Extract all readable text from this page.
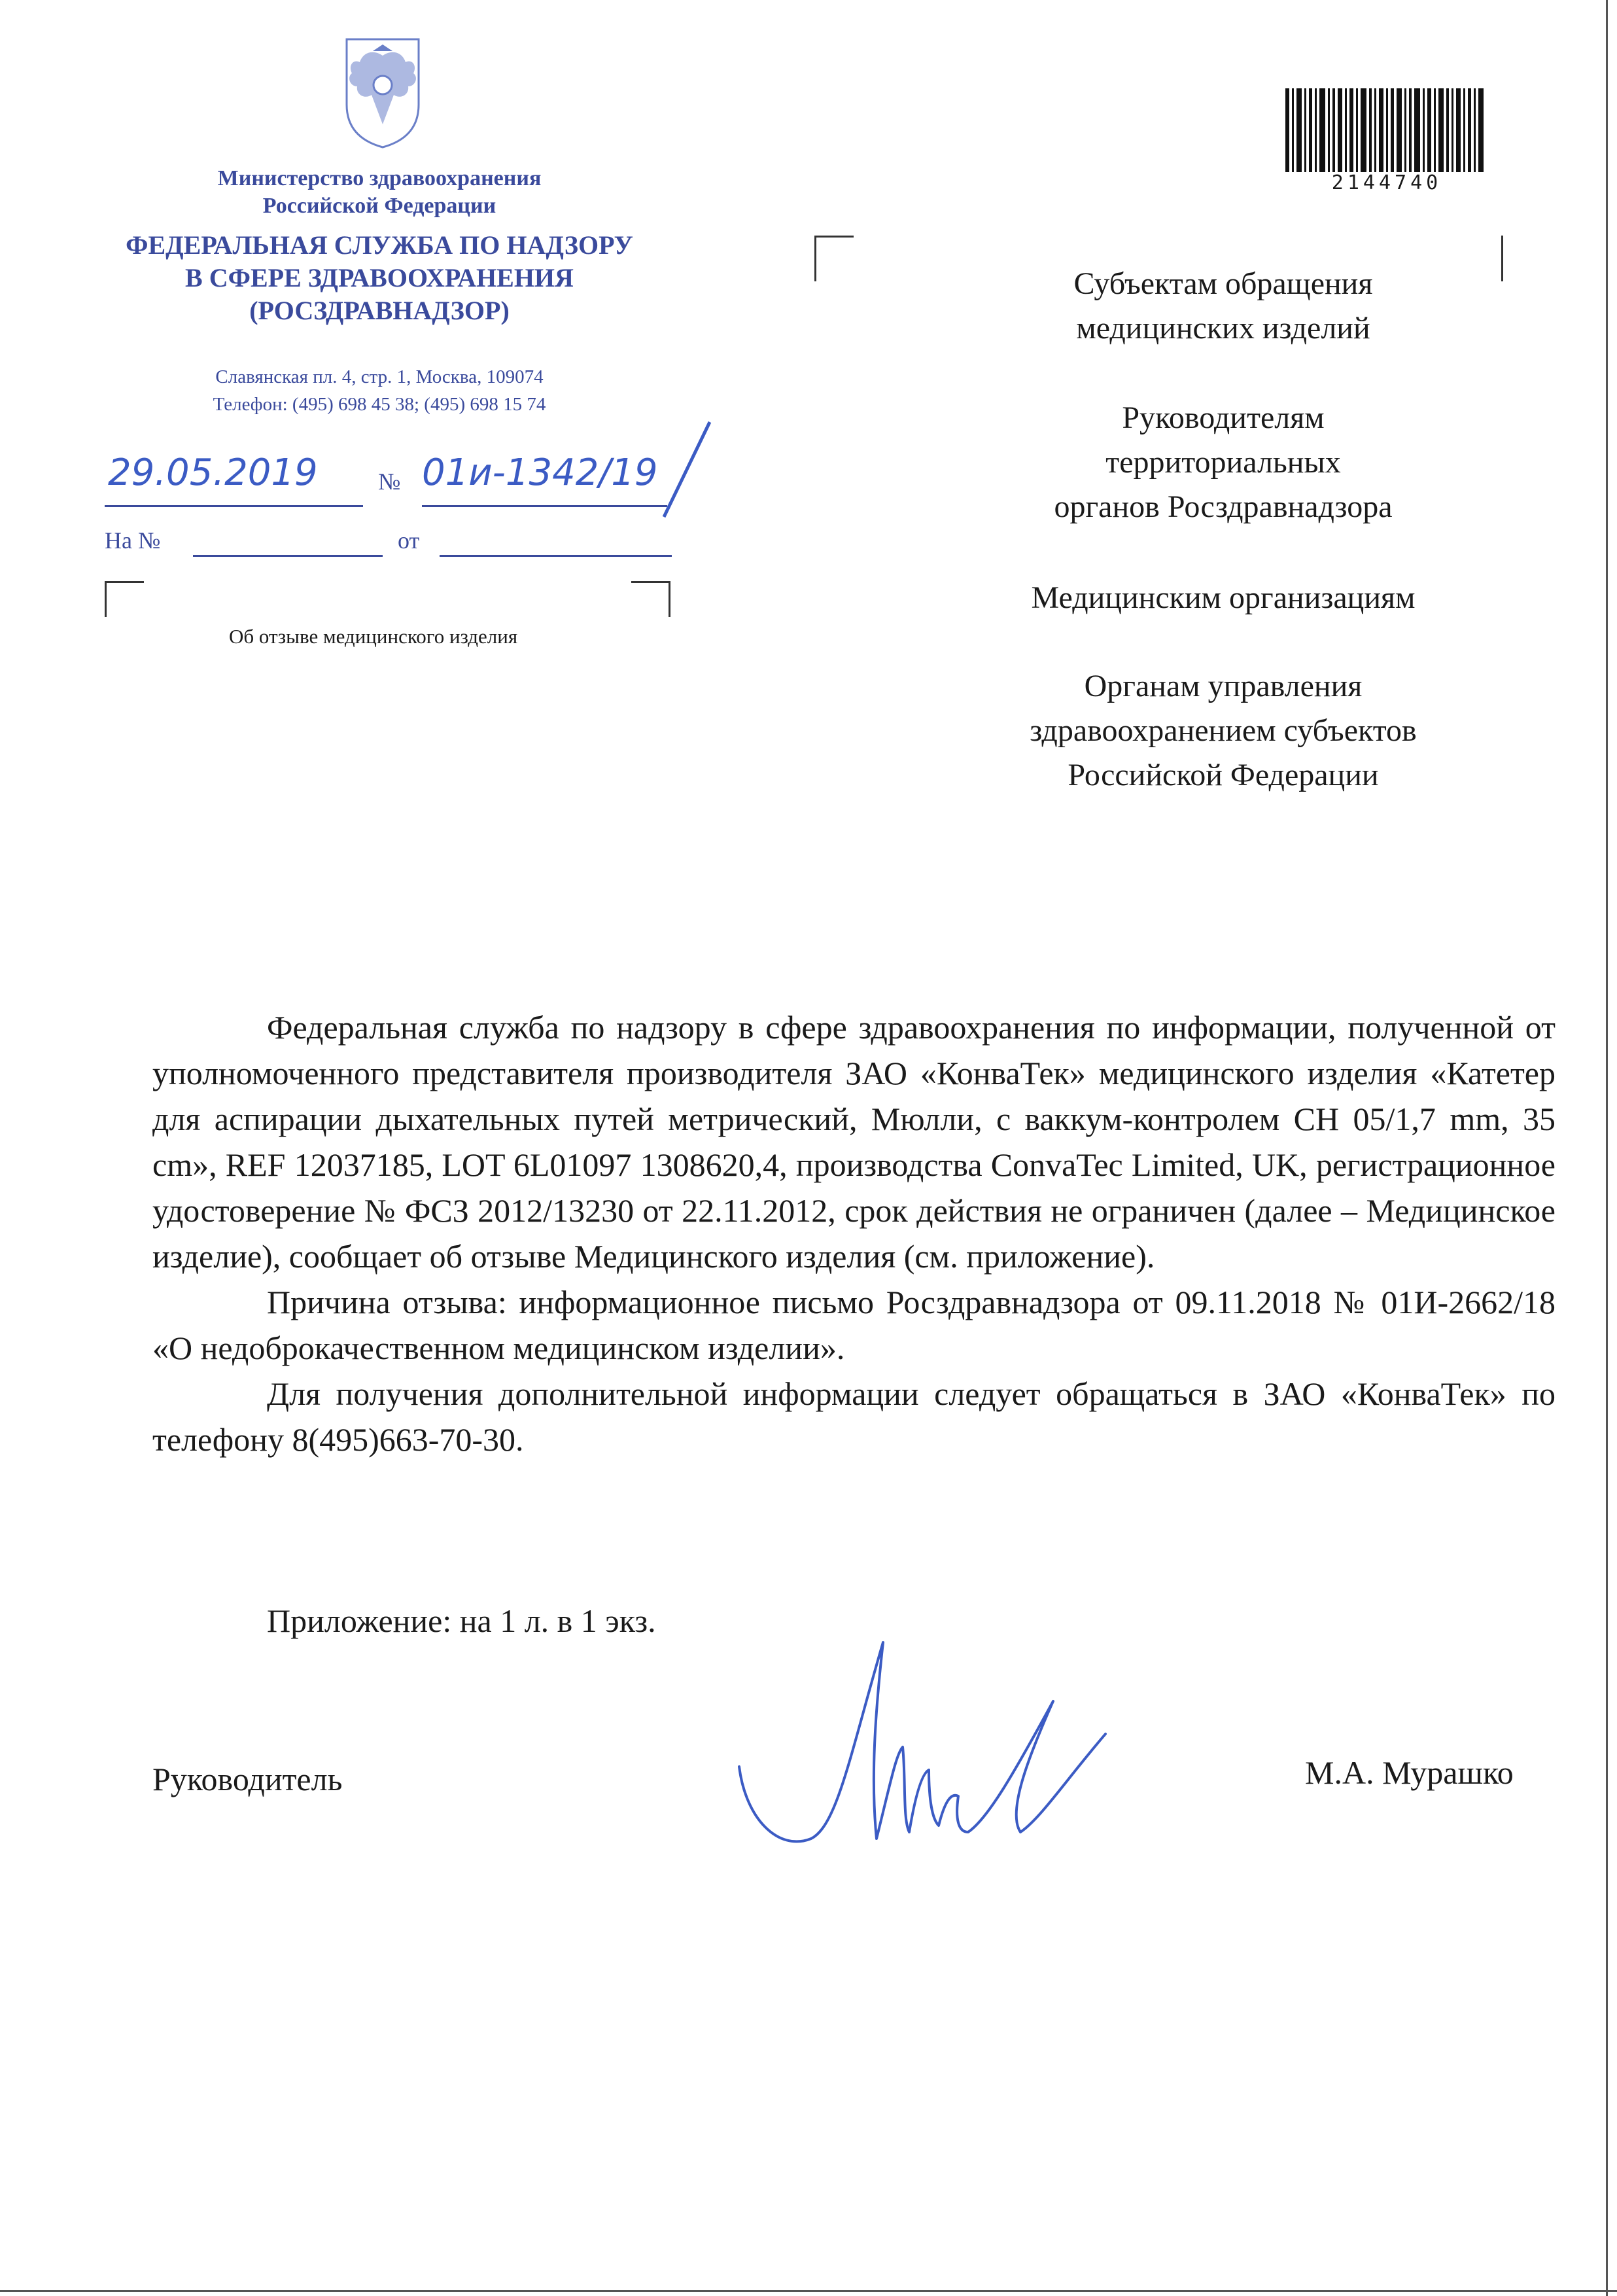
Министерство здравоохранения
Российской Федерации
ФЕДЕРАЛЬНАЯ СЛУЖБА ПО НАДЗОРУ
В СФЕРЕ ЗДРАВООХРАНЕНИЯ
(РОСЗДРАВНАДЗОР)
Славянская пл. 4, стр. 1, Москва, 109074
Телефон: (495) 698 45 38; (495) 698 15 74
29.05.2019	№ 01и-1342/19
На №	от
Об отзыве медицинского изделия
2144740
Субъектам обращения
медицинских изделий
Руководителям
территориальных
органов Росздравнадзора
Медицинским организациям
Органам управления
здравоохранением субъектов
Российской Федерации

Федеральная служба по надзору в сфере здравоохранения по информации, полученной от уполномоченного представителя производителя ЗАО «КонваТек» медицинского изделия «Катетер для аспирации дыхательных путей метрический, Мюлли, с ваккум-контролем CH 05/1,7 mm, 35 cm», REF 12037185, LOT 6L01097 1308620,4, производства ConvaTec Limited, UK, регистрационное удостоверение № ФСЗ 2012/13230 от 22.11.2012, срок действия не ограничен (далее – Медицинское изделие), сообщает об отзыве Медицинского изделия (см. приложение).

Причина отзыва: информационное письмо Росздравнадзора от 09.11.2018 № 01И-2662/18 «О недоброкачественном медицинском изделии».

Для получения дополнительной информации следует обращаться в ЗАО «КонваТек» по телефону 8(495)663-70-30.

Приложение: на 1 л. в 1 экз.

Руководитель	М.А. Мурашко
